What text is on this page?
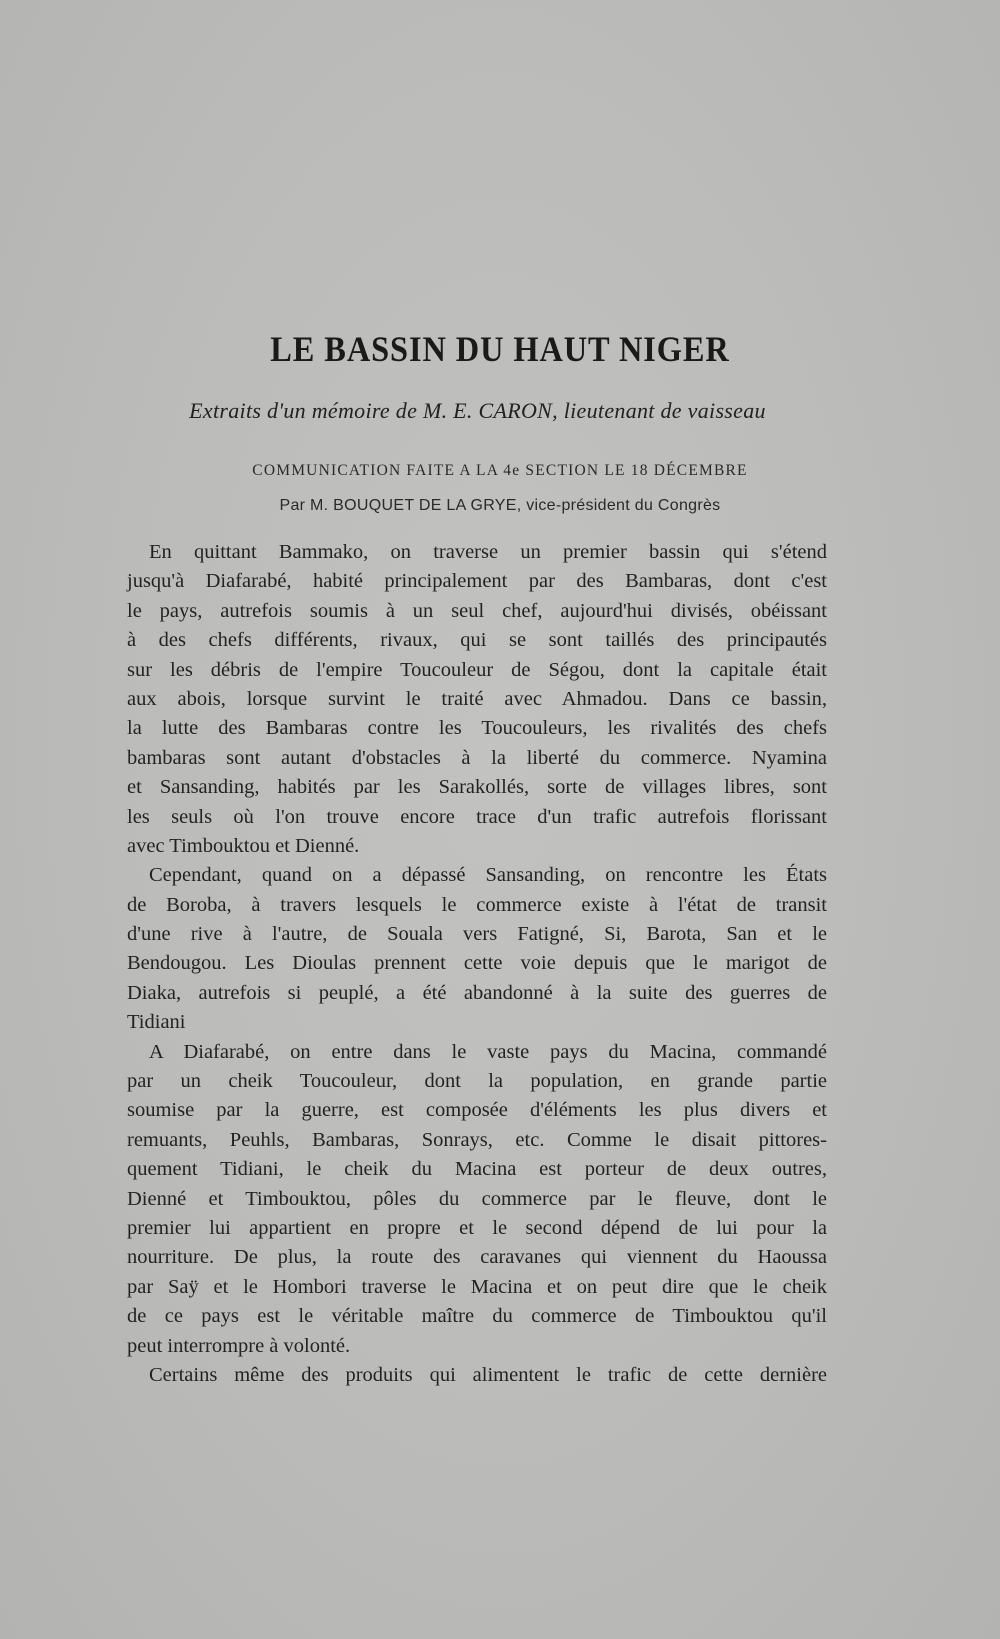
LE BASSIN DU HAUT NIGER
Extraits d'un mémoire de M. E. CARON, lieutenant de vaisseau
COMMUNICATION FAITE A LA 4e SECTION LE 18 DÉCEMBRE
Par M. BOUQUET DE LA GRYE, vice-président du Congrès
En quittant Bammako, on traverse un premier bassin qui s'étend
jusqu'à Diafarabé, habité principalement par des Bambaras, dont c'est
le pays, autrefois soumis à un seul chef, aujourd'hui divisés, obéissant
à des chefs différents, rivaux, qui se sont taillés des principautés
sur les débris de l'empire Toucouleur de Ségou, dont la capitale était
aux abois, lorsque survint le traité avec Ahmadou. Dans ce bassin,
la lutte des Bambaras contre les Toucouleurs, les rivalités des chefs
bambaras sont autant d'obstacles à la liberté du commerce. Nyamina
et Sansanding, habités par les Sarakollés, sorte de villages libres, sont
les seuls où l'on trouve encore trace d'un trafic autrefois florissant
avec Timbouktou et Dienné.
Cependant, quand on a dépassé Sansanding, on rencontre les États
de Boroba, à travers lesquels le commerce existe à l'état de transit
d'une rive à l'autre, de Souala vers Fatigné, Si, Barota, San et le
Bendougou. Les Dioulas prennent cette voie depuis que le marigot de
Diaka, autrefois si peuplé, a été abandonné à la suite des guerres de
Tidiani
A Diafarabé, on entre dans le vaste pays du Macina, commandé
par un cheik Toucouleur, dont la population, en grande partie
soumise par la guerre, est composée d'éléments les plus divers et
remuants, Peuhls, Bambaras, Sonrays, etc. Comme le disait pittores-
quement Tidiani, le cheik du Macina est porteur de deux outres,
Dienné et Timbouktou, pôles du commerce par le fleuve, dont le
premier lui appartient en propre et le second dépend de lui pour la
nourriture. De plus, la route des caravanes qui viennent du Haoussa
par Saÿ et le Hombori traverse le Macina et on peut dire que le cheik
de ce pays est le véritable maître du commerce de Timbouktou qu'il
peut interrompre à volonté.
Certains même des produits qui alimentent le trafic de cette dernière
